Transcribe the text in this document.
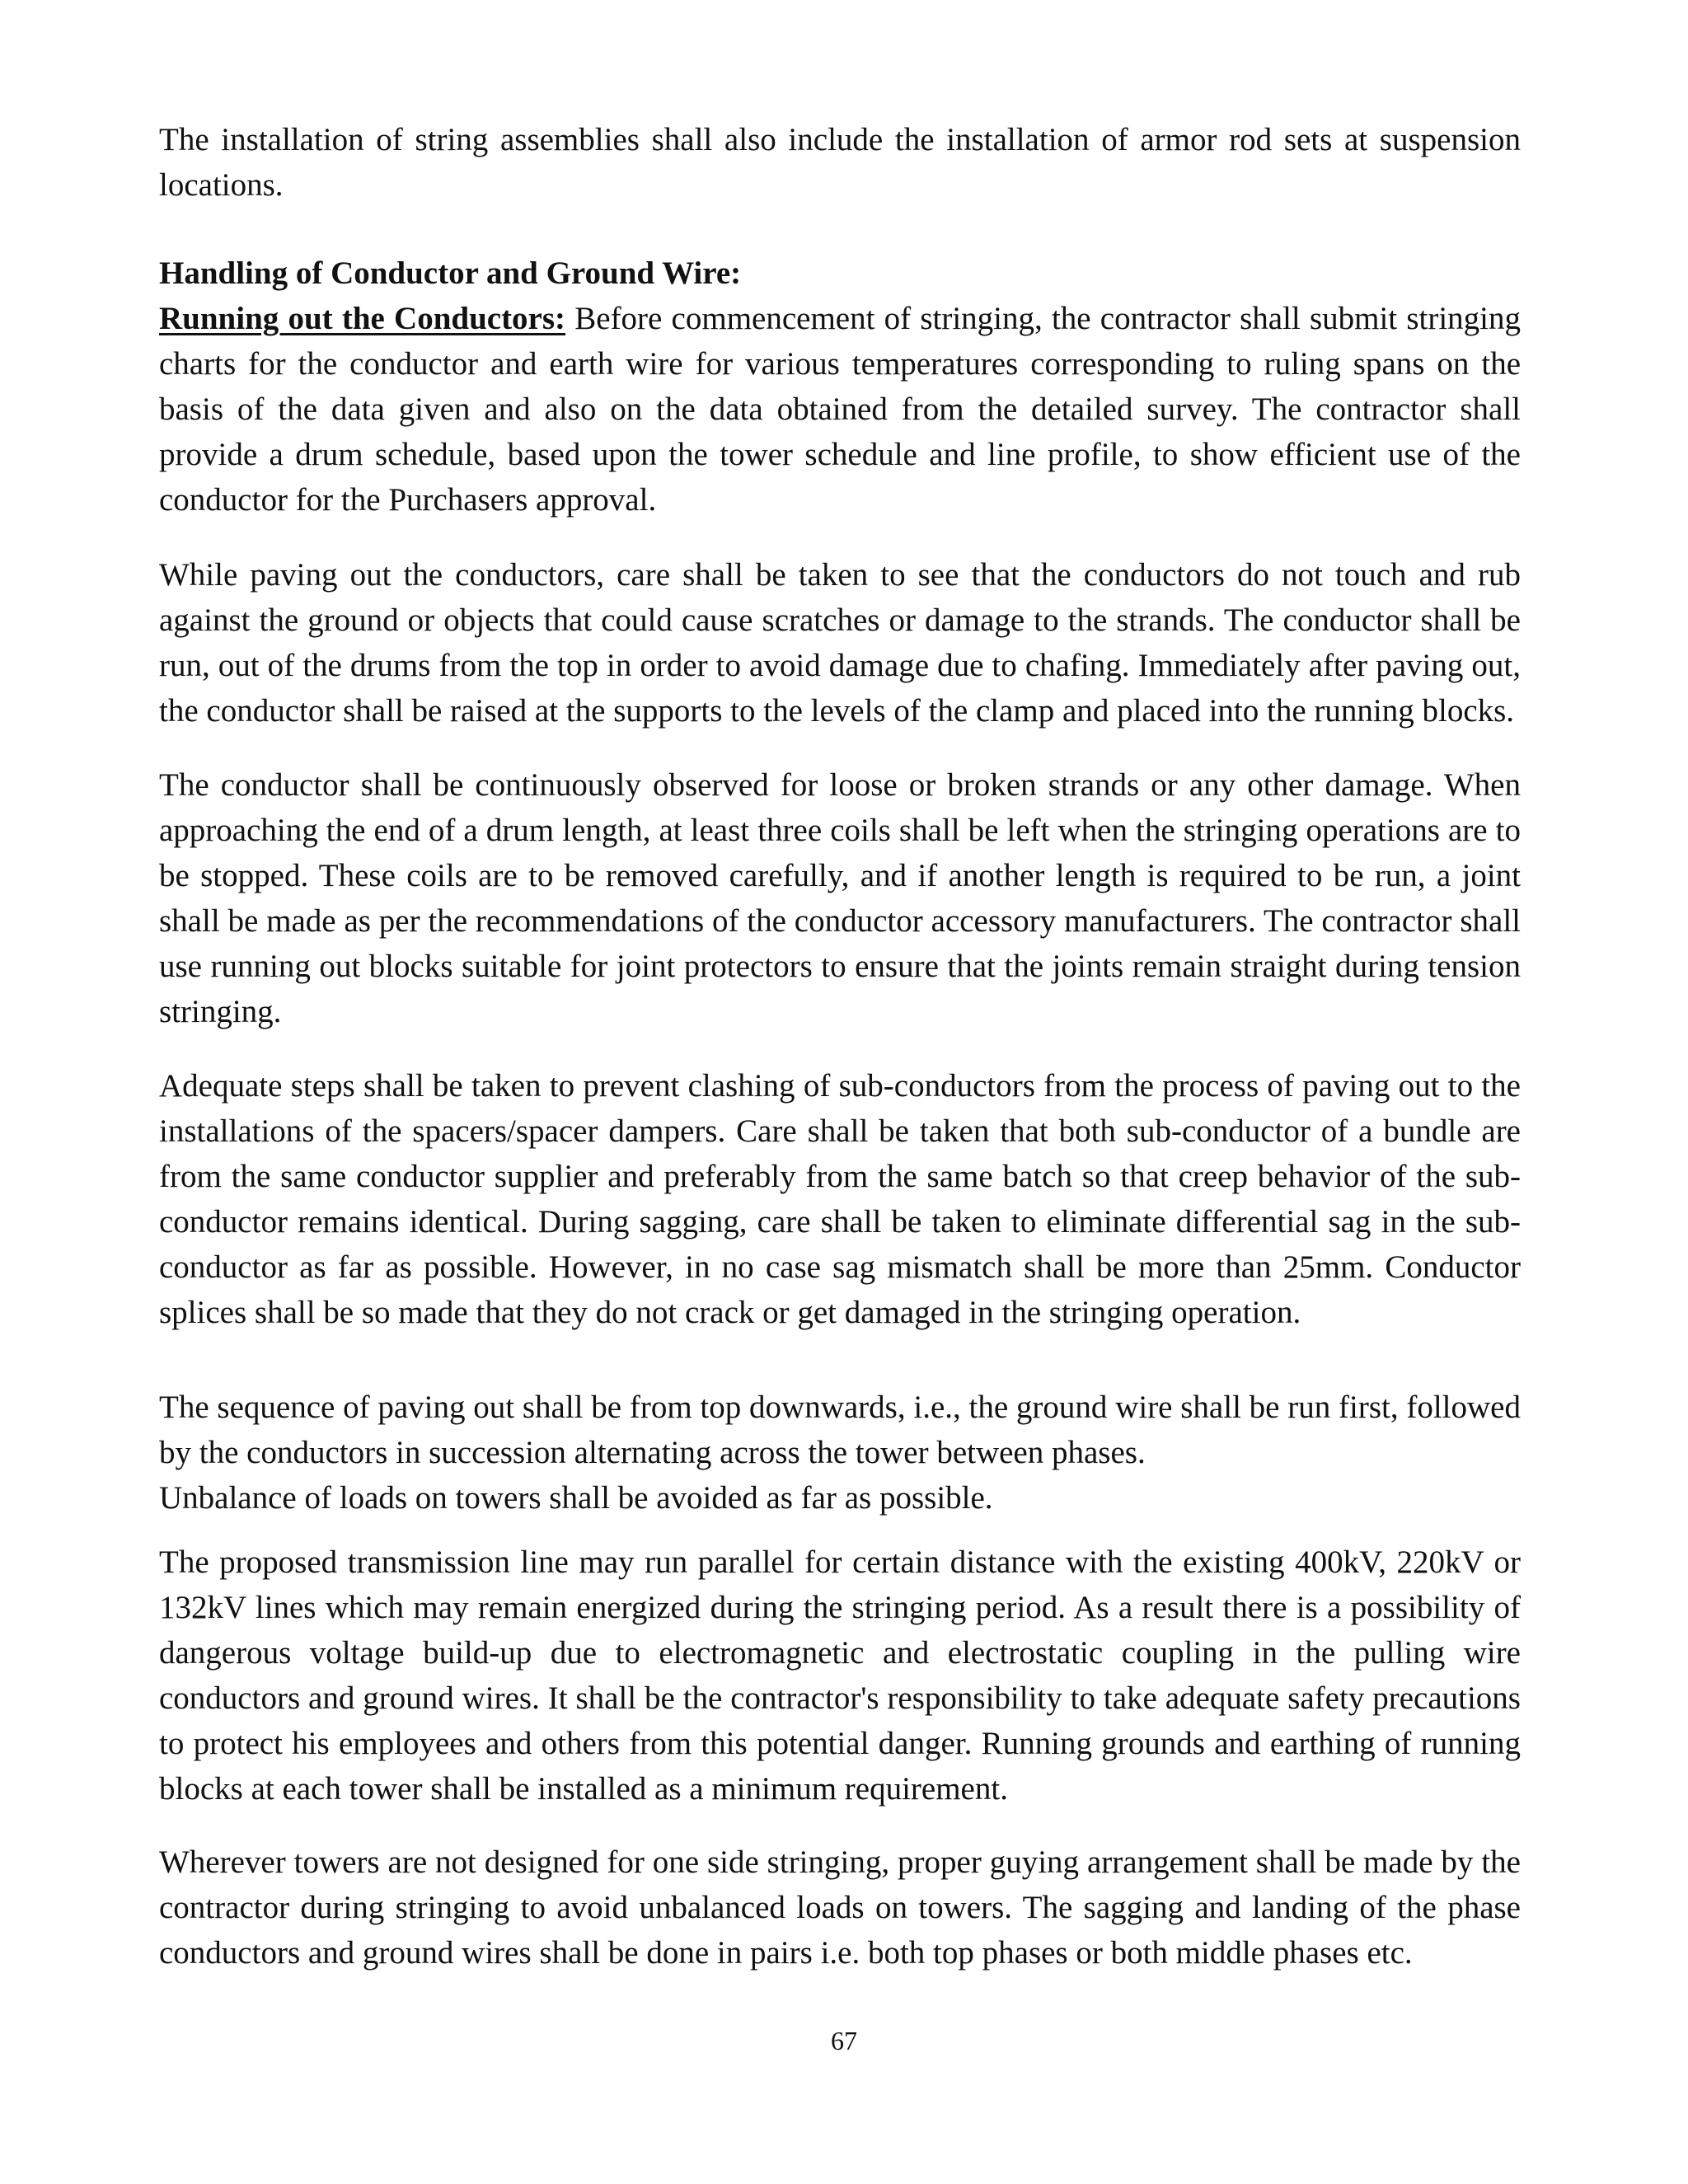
The installation of string assemblies shall also include the installation of armor rod sets at suspension locations.

Handling of Conductor and Ground Wire:

Running out the Conductors: Before commencement of stringing, the contractor shall submit stringing charts for the conductor and earth wire for various temperatures corresponding to ruling spans on the basis of the data given and also on the data obtained from the detailed survey. The contractor shall provide a drum schedule, based upon the tower schedule and line profile, to show efficient use of the conductor for the Purchasers approval.

While paving out the conductors, care shall be taken to see that the conductors do not touch and rub against the ground or objects that could cause scratches or damage to the strands. The conductor shall be run, out of the drums from the top in order to avoid damage due to chafing. Immediately after paving out, the conductor shall be raised at the supports to the levels of the clamp and placed into the running blocks.

The conductor shall be continuously observed for loose or broken strands or any other damage. When approaching the end of a drum length, at least three coils shall be left when the stringing operations are to be stopped. These coils are to be removed carefully, and if another length is required to be run, a joint shall be made as per the recommendations of the conductor accessory manufacturers. The contractor shall use running out blocks suitable for joint protectors to ensure that the joints remain straight during tension stringing.

Adequate steps shall be taken to prevent clashing of sub-conductors from the process of paving out to the installations of the spacers/spacer dampers. Care shall be taken that both sub-conductor of a bundle are from the same conductor supplier and preferably from the same batch so that creep behavior of the sub-conductor remains identical. During sagging, care shall be taken to eliminate differential sag in the sub-conductor as far as possible. However, in no case sag mismatch shall be more than 25mm. Conductor splices shall be so made that they do not crack or get damaged in the stringing operation.

The sequence of paving out shall be from top downwards, i.e., the ground wire shall be run first, followed by the conductors in succession alternating across the tower between phases.

Unbalance of loads on towers shall be avoided as far as possible.

The proposed transmission line may run parallel for certain distance with the existing 400kV, 220kV or 132kV lines which may remain energized during the stringing period. As a result there is a possibility of dangerous voltage build-up due to electromagnetic and electrostatic coupling in the pulling wire conductors and ground wires. It shall be the contractor's responsibility to take adequate safety precautions to protect his employees and others from this potential danger. Running grounds and earthing of running blocks at each tower shall be installed as a minimum requirement.

Wherever towers are not designed for one side stringing, proper guying arrangement shall be made by the contractor during stringing to avoid unbalanced loads on towers. The sagging and landing of the phase conductors and ground wires shall be done in pairs i.e. both top phases or both middle phases etc.

67
